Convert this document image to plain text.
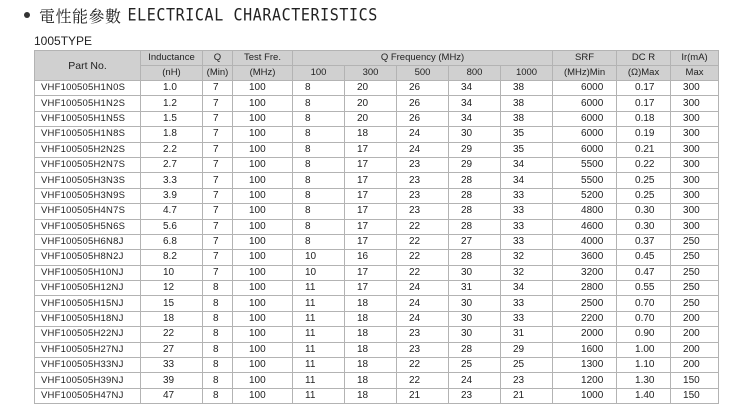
電性能參數 ELECTRICAL CHARACTERISTICS
1005TYPE
Part No.	Inductance	Q	Test Fre.	Q Frequency (MHz)					SRF	DC R	Ir(mA)
	(nH)	(Min)	(MHz)	100	300	500	800	1000	(MHz)Min	(Ω)Max	Max
VHF100505H1N0S	1.0	7	100	8	20	26	34	38	6000	0.17	300
VHF100505H1N2S	1.2	7	100	8	20	26	34	38	6000	0.17	300
VHF100505H1N5S	1.5	7	100	8	20	26	34	38	6000	0.18	300
VHF100505H1N8S	1.8	7	100	8	18	24	30	35	6000	0.19	300
VHF100505H2N2S	2.2	7	100	8	17	24	29	35	6000	0.21	300
VHF100505H2N7S	2.7	7	100	8	17	23	29	34	5500	0.22	300
VHF100505H3N3S	3.3	7	100	8	17	23	28	34	5500	0.25	300
VHF100505H3N9S	3.9	7	100	8	17	23	28	33	5200	0.25	300
VHF100505H4N7S	4.7	7	100	8	17	23	28	33	4800	0.30	300
VHF100505H5N6S	5.6	7	100	8	17	22	28	33	4600	0.30	300
VHF100505H6N8J	6.8	7	100	8	17	22	27	33	4000	0.37	250
VHF100505H8N2J	8.2	7	100	10	16	22	28	32	3600	0.45	250
VHF100505H10NJ	10	7	100	10	17	22	30	32	3200	0.47	250
VHF100505H12NJ	12	8	100	11	17	24	31	34	2800	0.55	250
VHF100505H15NJ	15	8	100	11	18	24	30	33	2500	0.70	250
VHF100505H18NJ	18	8	100	11	18	24	30	33	2200	0.70	200
VHF100505H22NJ	22	8	100	11	18	23	30	31	2000	0.90	200
VHF100505H27NJ	27	8	100	11	18	23	28	29	1600	1.00	200
VHF100505H33NJ	33	8	100	11	18	22	25	25	1300	1.10	200
VHF100505H39NJ	39	8	100	11	18	22	24	23	1200	1.30	150
VHF100505H47NJ	47	8	100	11	18	21	23	21	1000	1.40	150
